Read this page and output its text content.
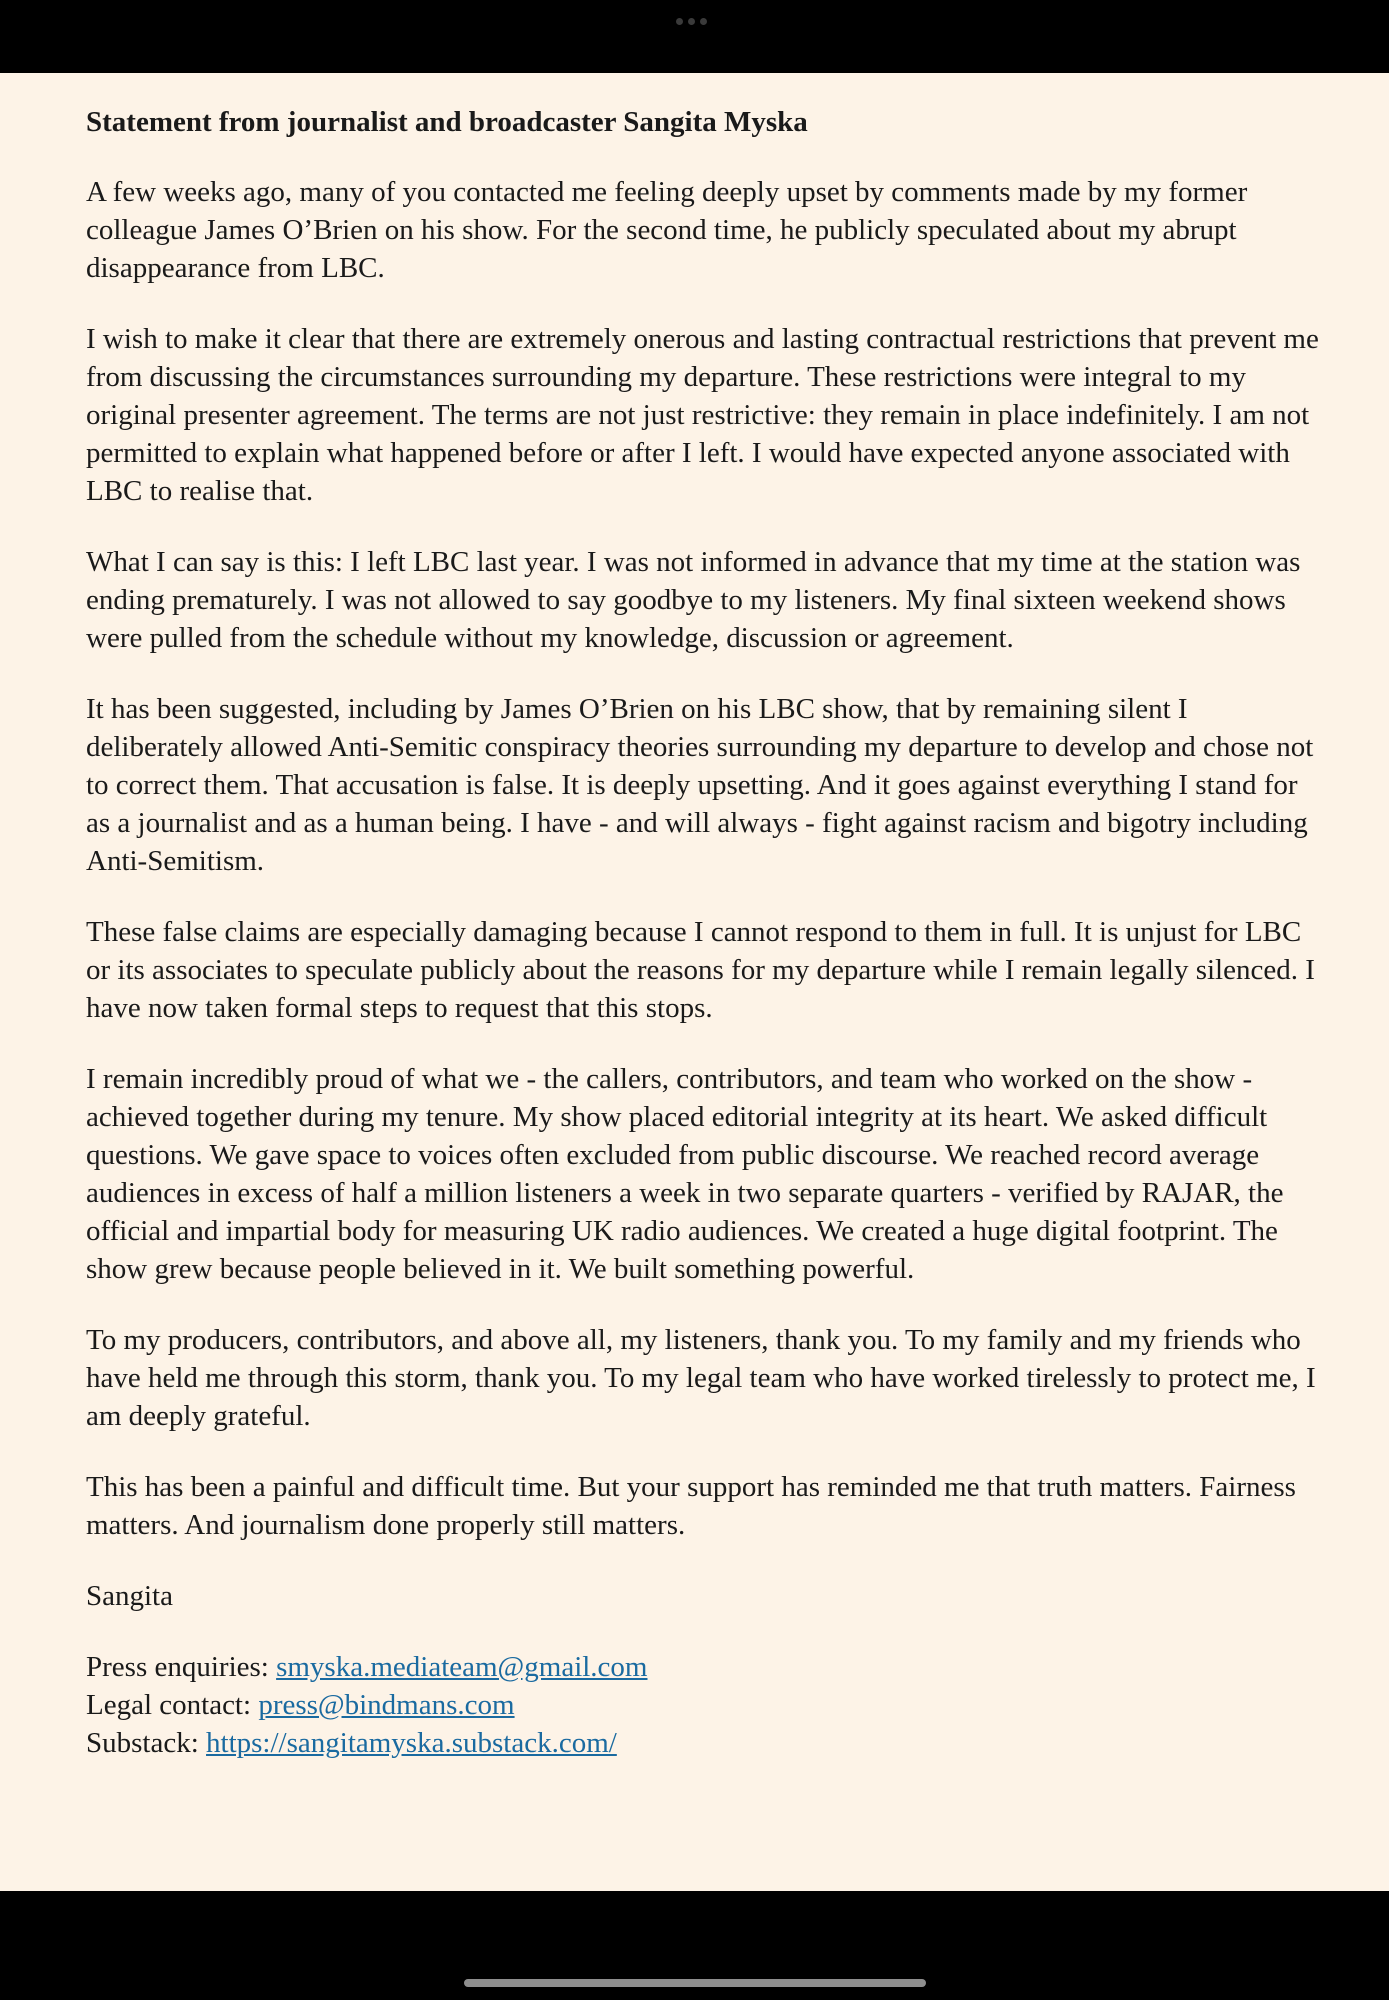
Statement from journalist and broadcaster Sangita Myska

A few weeks ago, many of you contacted me feeling deeply upset by comments made by my former colleague James O’Brien on his show. For the second time, he publicly speculated about my abrupt disappearance from LBC.

I wish to make it clear that there are extremely onerous and lasting contractual restrictions that prevent me from discussing the circumstances surrounding my departure. These restrictions were integral to my original presenter agreement. The terms are not just restrictive: they remain in place indefinitely. I am not permitted to explain what happened before or after I left. I would have expected anyone associated with LBC to realise that.

What I can say is this: I left LBC last year. I was not informed in advance that my time at the station was ending prematurely. I was not allowed to say goodbye to my listeners. My final sixteen weekend shows were pulled from the schedule without my knowledge, discussion or agreement.

It has been suggested, including by James O’Brien on his LBC show, that by remaining silent I deliberately allowed Anti-Semitic conspiracy theories surrounding my departure to develop and chose not to correct them. That accusation is false. It is deeply upsetting. And it goes against everything I stand for as a journalist and as a human being. I have - and will always - fight against racism and bigotry including Anti-Semitism.

These false claims are especially damaging because I cannot respond to them in full. It is unjust for LBC or its associates to speculate publicly about the reasons for my departure while I remain legally silenced. I have now taken formal steps to request that this stops.

I remain incredibly proud of what we - the callers, contributors, and team who worked on the show - achieved together during my tenure. My show placed editorial integrity at its heart. We asked difficult questions. We gave space to voices often excluded from public discourse. We reached record average audiences in excess of half a million listeners a week in two separate quarters - verified by RAJAR, the official and impartial body for measuring UK radio audiences. We created a huge digital footprint. The show grew because people believed in it. We built something powerful.

To my producers, contributors, and above all, my listeners, thank you. To my family and my friends who have held me through this storm, thank you. To my legal team who have worked tirelessly to protect me, I am deeply grateful.

This has been a painful and difficult time. But your support has reminded me that truth matters. Fairness matters. And journalism done properly still matters.

Sangita

Press enquiries: smyska.mediateam@gmail.com

Legal contact: press@bindmans.com

Substack: https://sangitamyska.substack.com/
